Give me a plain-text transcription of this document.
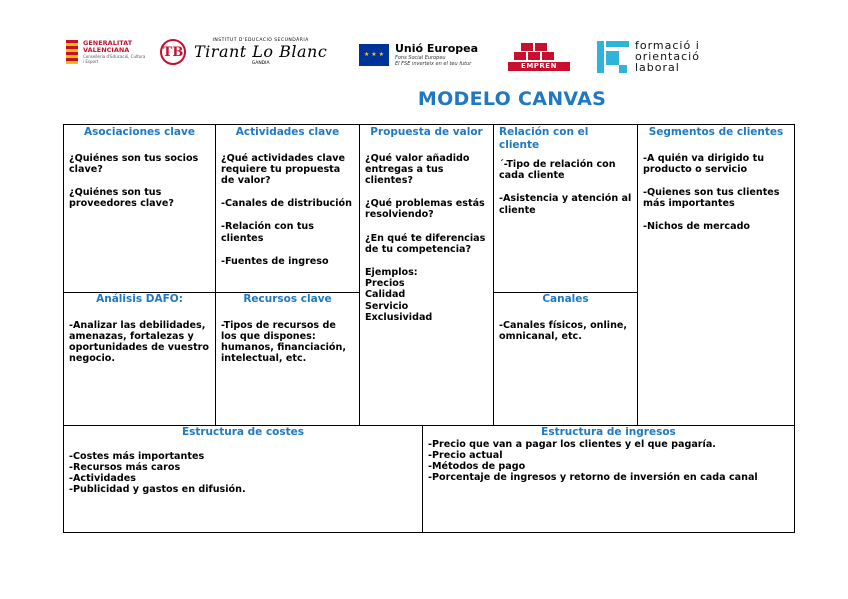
GENERALITAT
VALENCIANA
Conselleria d'Educació, Cultura
i Esport
TB
INSTITUT D'EDUCACIÓ SECUNDÀRIA
Tirant Lo Blanc
GANDIA
★ ★ ★	Unió Europea
Fons Social Europeu
El FSE inverteix en el teu futur	EMPRÉN
formació i
orientació
laboral
MODELO CANVAS
Asociaciones clave

¿Quiénes son tus socios clave?

¿Quiénes son tus proveedores clave?

Actividades clave

¿Qué actividades clave requiere tu propuesta de valor?

-Canales de distribución

-Relación con tus clientes

-Fuentes de ingreso

Propuesta de valor

¿Qué valor añadido entregas a tus clientes?

¿Qué problemas estás resolviendo?

¿En qué te diferencias de tu competencia?

Ejemplos:
Precios
Calidad
Servicio
Exclusividad
Relación con el cliente

´-Tipo de relación con cada cliente

-Asistencia y atención al cliente

Segmentos de clientes

-A quién va dirigido tu producto o servicio

-Quienes son tus clientes más importantes

-Nichos de mercado

Análisis DAFO:

-Analizar las debilidades, amenazas, fortalezas y oportunidades de vuestro negocio.

Recursos clave

-Tipos de recursos de los que dispones: humanos, financiación, intelectual, etc.

Canales

-Canales físicos, online, omnicanal, etc.

Estructura de costes

-Costes más importantes

-Recursos más caros

-Actividades

-Publicidad y gastos en difusión.

Estructura de ingresos

-Precio que van a pagar los clientes y el que pagaría.

-Precio actual

-Métodos de pago

-Porcentaje de ingresos y retorno de inversión en cada canal
